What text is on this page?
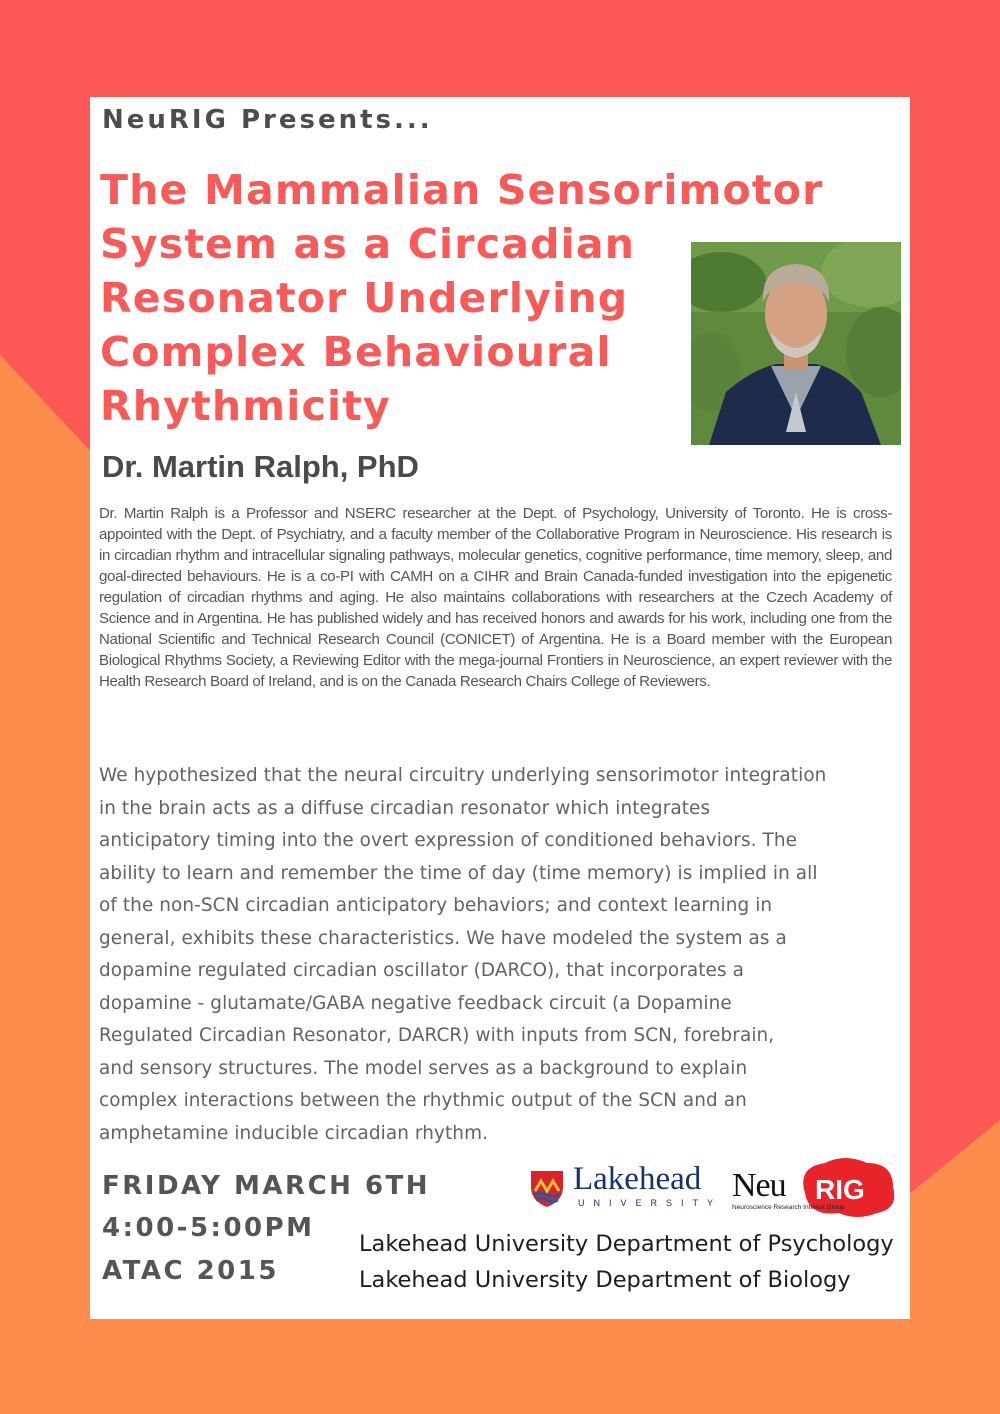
NeuRIG Presents...
The Mammalian Sensorimotor
System as a Circadian
Resonator Underlying
Complex Behavioural
Rhythmicity
Dr. Martin Ralph, PhD

Dr. Martin Ralph is a Professor and NSERC researcher at the Dept. of Psychology, University of Toronto. He is cross-appointed with the Dept. of Psychiatry, and a faculty member of the Collaborative Program in Neuroscience. His research is in circadian rhythm and intracellular signaling pathways, molecular genetics, cognitive performance, time memory, sleep, and goal-directed behaviours. He is a co-PI with CAMH on a CIHR and Brain Canada-funded investigation into the epigenetic regulation of circadian rhythms and aging. He also maintains collaborations with researchers at the Czech Academy of Science and in Argentina. He has published widely and has received honors and awards for his work, including one from the National Scientific and Technical Research Council (CONICET) of Argentina. He is a Board member with the European Biological Rhythms Society, a Reviewing Editor with the mega-journal Frontiers in Neuroscience, an expert reviewer with the Health Research Board of Ireland, and is on the Canada Research Chairs College of Reviewers.

We hypothesized that the neural circuitry underlying sensorimotor integration
in the brain acts as a diffuse circadian resonator which integrates
anticipatory timing into the overt expression of conditioned behaviors. The
ability to learn and remember the time of day (time memory) is implied in all
of the non-SCN circadian anticipatory behaviors; and context learning in
general, exhibits these characteristics. We have modeled the system as a
dopamine regulated circadian oscillator (DARCO), that incorporates a
dopamine - glutamate/GABA negative feedback circuit (a Dopamine
Regulated Circadian Resonator, DARCR) with inputs from SCN, forebrain,
and sensory structures. The model serves as a background to explain
complex interactions between the rhythmic output of the SCN and an
amphetamine inducible circadian rhythm.

FRIDAY MARCH 6TH
4:00-5:00PM
ATAC 2015
Lakehead University Department of Psychology
Lakehead University Department of Biology
Lakehead
UNIVERSITY	RIG
Neu
Neuroscience Research Interest Group
